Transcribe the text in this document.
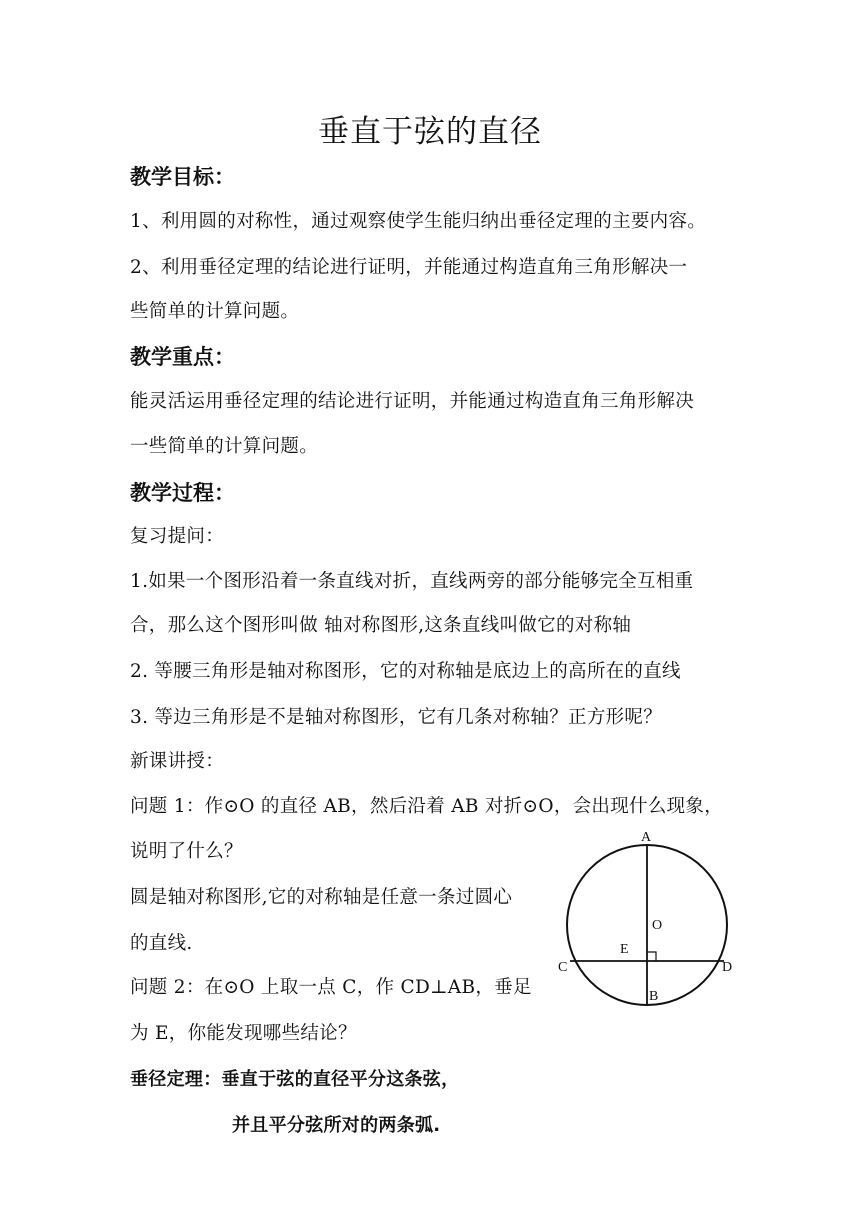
垂直于弦的直径
教学目标：
1、利用圆的对称性，通过观察使学生能归纳出垂径定理的主要内容。
2、利用垂径定理的结论进行证明，并能通过构造直角三角形解决一
些简单的计算问题。
教学重点：
能灵活运用垂径定理的结论进行证明，并能通过构造直角三角形解决
一些简单的计算问题。
教学过程：
复习提问：
1.如果一个图形沿着一条直线对折，直线两旁的部分能够完全互相重
合，那么这个图形叫做 轴对称图形,这条直线叫做它的对称轴
2. 等腰三角形是轴对称图形，它的对称轴是底边上的高所在的直线
3. 等边三角形是不是轴对称图形，它有几条对称轴？正方形呢？
新课讲授：
问题 1：作⊙O 的直径 AB，然后沿着 AB 对折⊙O，会出现什么现象，
说明了什么？
圆是轴对称图形,它的对称轴是任意一条过圆心
的直线.
问题 2：在⊙O 上取一点 C，作 CD⊥AB，垂足
为 E，你能发现哪些结论？
垂径定理：垂直于弦的直径平分这条弦，
并且平分弦所对的两条弧.
A
O
E
C	D
B
